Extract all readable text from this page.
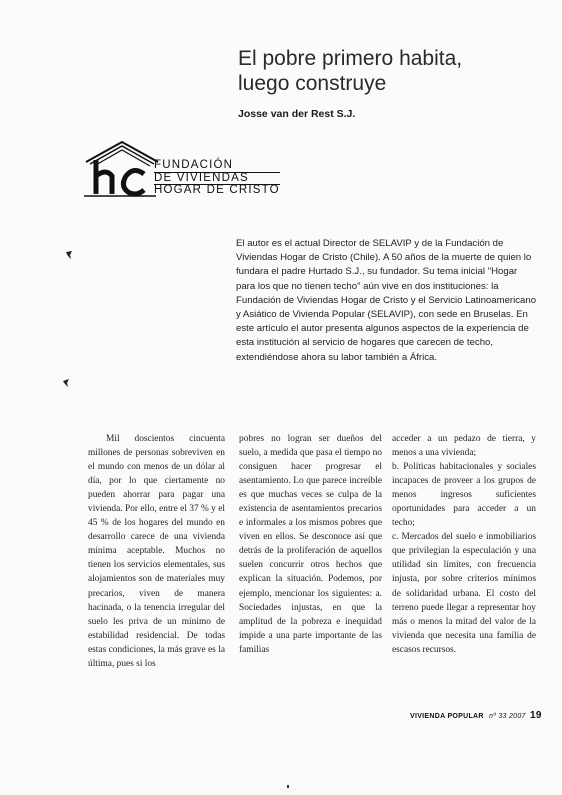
El pobre primero habita,
luego construye
Josse van der Rest S.J.
FUNDACIÓN
DE VIVIENDAS
HOGAR DE CRISTO

El autor es el actual Director de SELAVIP y de la Fundación de Viviendas Hogar de Cristo (Chile). A 50 años de la muerte de quien lo fundara el padre Hurtado S.J., su fundador. Su tema inicial "Hogar para los que no tienen techo" aún vive en dos instituciones: la Fundación de Viviendas Hogar de Cristo y el Servicio Latinoamericano y Asiático de Vivienda Popular (SELAVIP), con sede en Bruselas. En este artículo el autor presenta algunos aspectos de la experiencia de esta institución al servicio de hogares que carecen de techo, extendiéndose ahora su labor también a África.

Mil doscientos cincuenta millones de personas sobreviven en el mundo con menos de un dólar al día, por lo que ciertamente no pueden ahorrar para pagar una vivienda. Por ello, entre el 37 % y el 45 % de los hogares del mundo en desarrollo carece de una vivienda mínima aceptable. Muchos no tienen los servicios elementales, sus alojamientos son de materiales muy precarios, viven de manera hacinada, o la tenencia irregular del suelo les priva de un mínimo de estabilidad residencial. De todas estas condiciones, la más grave es la última, pues si los

pobres no logran ser dueños del suelo, a medida que pasa el tiempo no consiguen hacer progresar el asentamiento. Lo que parece increíble es que muchas veces se culpa de la existencia de asentamientos precarios e informales a los mismos pobres que viven en ellos. Se desconoce así que detrás de la proliferación de aquellos suelen concurrir otros hechos que explican la situación. Podemos, por ejemplo, mencionar los siguientes: a. Sociedades injustas, en que la amplitud de la pobreza e inequidad impide a una parte importante de las familias

acceder a un pedazo de tierra, y menos a una vivienda;

b. Políticas habitacionales y sociales incapaces de proveer a los grupos de menos ingresos suficientes oportunidades para acceder a un techo;

c. Mercados del suelo e inmobiliarios que privilegian la especulación y una utilidad sin límites, con frecuencia injusta, por sobre criterios mínimos de solidaridad urbana. El costo del terreno puede llegar a representar hoy más o menos la mitad del valor de la vivienda que necesita una familia de escasos recursos.

VIVIENDA POPULAR nº 33 2007 19
